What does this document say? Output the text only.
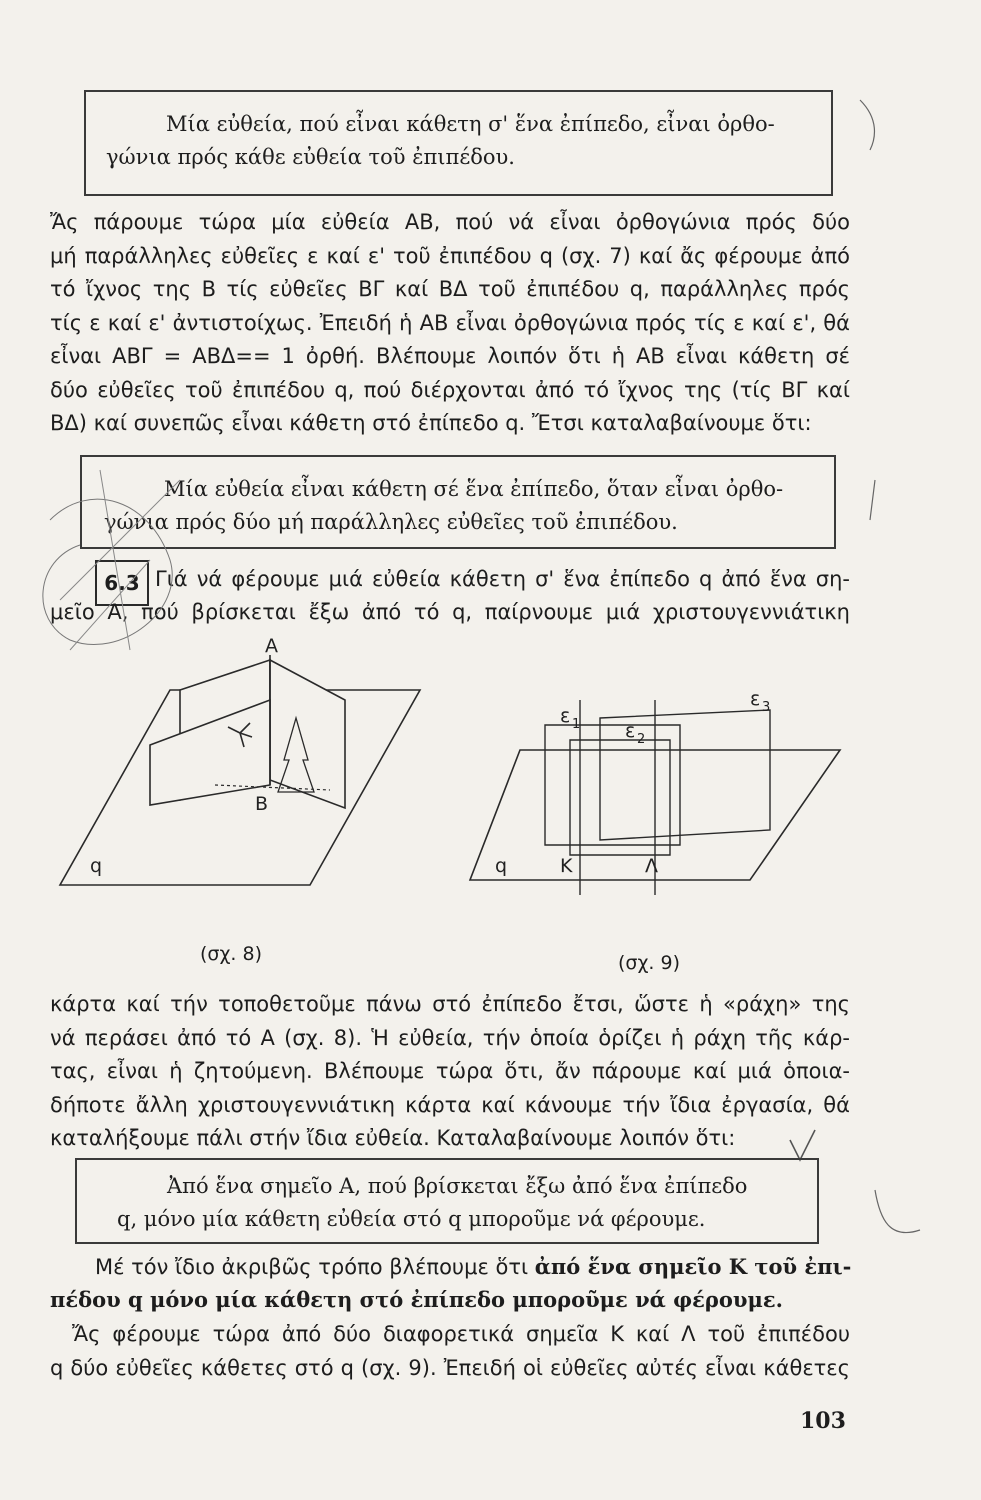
Μία εὐθεία, πού εἶναι κάθετη σ' ἕνα ἐπίπεδο, εἶναι ὀρθο-
γώνια πρός κάθε εὐθεία τοῦ ἐπιπέδου.
Ἄς πάρουμε τώρα μία εὐθεία ΑΒ, πού νά εἶναι ὀρθογώνια πρός δύο
μή παράλληλες εὐθεῖες ε καί ε' τοῦ ἐπιπέδου q (σχ. 7) καί ἄς φέρουμε ἀπό
τό ἴχνος της Β τίς εὐθεῖες ΒΓ καί ΒΔ τοῦ ἐπιπέδου q, παράλληλες πρός
τίς ε καί ε' ἀντιστοίχως. Ἐπειδή ἡ ΑΒ εἶναι ὀρθογώνια πρός τίς ε καί ε', θά
εἶναι ΑΒΓ = ΑΒΔ== 1 ὀρθή. Βλέπουμε λοιπόν ὅτι ἡ ΑΒ εἶναι κάθετη σέ
δύο εὐθεῖες τοῦ ἐπιπέδου q, πού διέρχονται ἀπό τό ἴχνος της (τίς ΒΓ καί
ΒΔ) καί συνεπῶς εἶναι κάθετη στό ἐπίπεδο q. Ἔτσι καταλαβαίνουμε ὅτι:
Μία εὐθεία εἶναι κάθετη σέ ἕνα ἐπίπεδο, ὅταν εἶναι ὀρθο-
γώνια πρός δύο μή παράλληλες εὐθεῖες τοῦ ἐπιπέδου.
6.3 Γιά νά φέρουμε μιά εὐθεία κάθετη σ' ἕνα ἐπίπεδο q ἀπό ἕνα ση-
μεῖο Α, πού βρίσκεται ἔξω ἀπό τό q, παίρνουμε μιά χριστουγεννιάτικη
Α
Β
q
ε 1 ε 2
ε 3
Κ	Λ
q
(σχ. 8)	(σχ. 9)
κάρτα καί τήν τοποθετοῦμε πάνω στό ἐπίπεδο ἔτσι, ὥστε ἡ «ράχη» της
νά περάσει ἀπό τό Α (σχ. 8). Ἡ εὐθεία, τήν ὁποία ὁρίζει ἡ ράχη τῆς κάρ-
τας, εἶναι ἡ ζητούμενη. Βλέπουμε τώρα ὅτι, ἄν πάρουμε καί μιά ὁποια-
δήποτε ἄλλη χριστουγεννιάτικη κάρτα καί κάνουμε τήν ἴδια ἐργασία, θά
καταλήξουμε πάλι στήν ἴδια εὐθεία. Καταλαβαίνουμε λοιπόν ὅτι:
Ἀπό ἕνα σημεῖο Α, πού βρίσκεται ἔξω ἀπό ἕνα ἐπίπεδο
q, μόνο μία κάθετη εὐθεία στό q μποροῦμε νά φέρουμε.
Μέ τόν ἴδιο ἀκριβῶς τρόπο βλέπουμε ὅτι ἀπό ἕνα σημεῖο Κ τοῦ ἐπι-
πέδου q μόνο μία κάθετη στό ἐπίπεδο μποροῦμε νά φέρουμε.
Ἄς φέρουμε τώρα ἀπό δύο διαφορετικά σημεῖα Κ καί Λ τοῦ ἐπιπέδου
q δύο εὐθεῖες κάθετες στό q (σχ. 9). Ἐπειδή οἱ εὐθεῖες αὐτές εἶναι κάθετες
103
